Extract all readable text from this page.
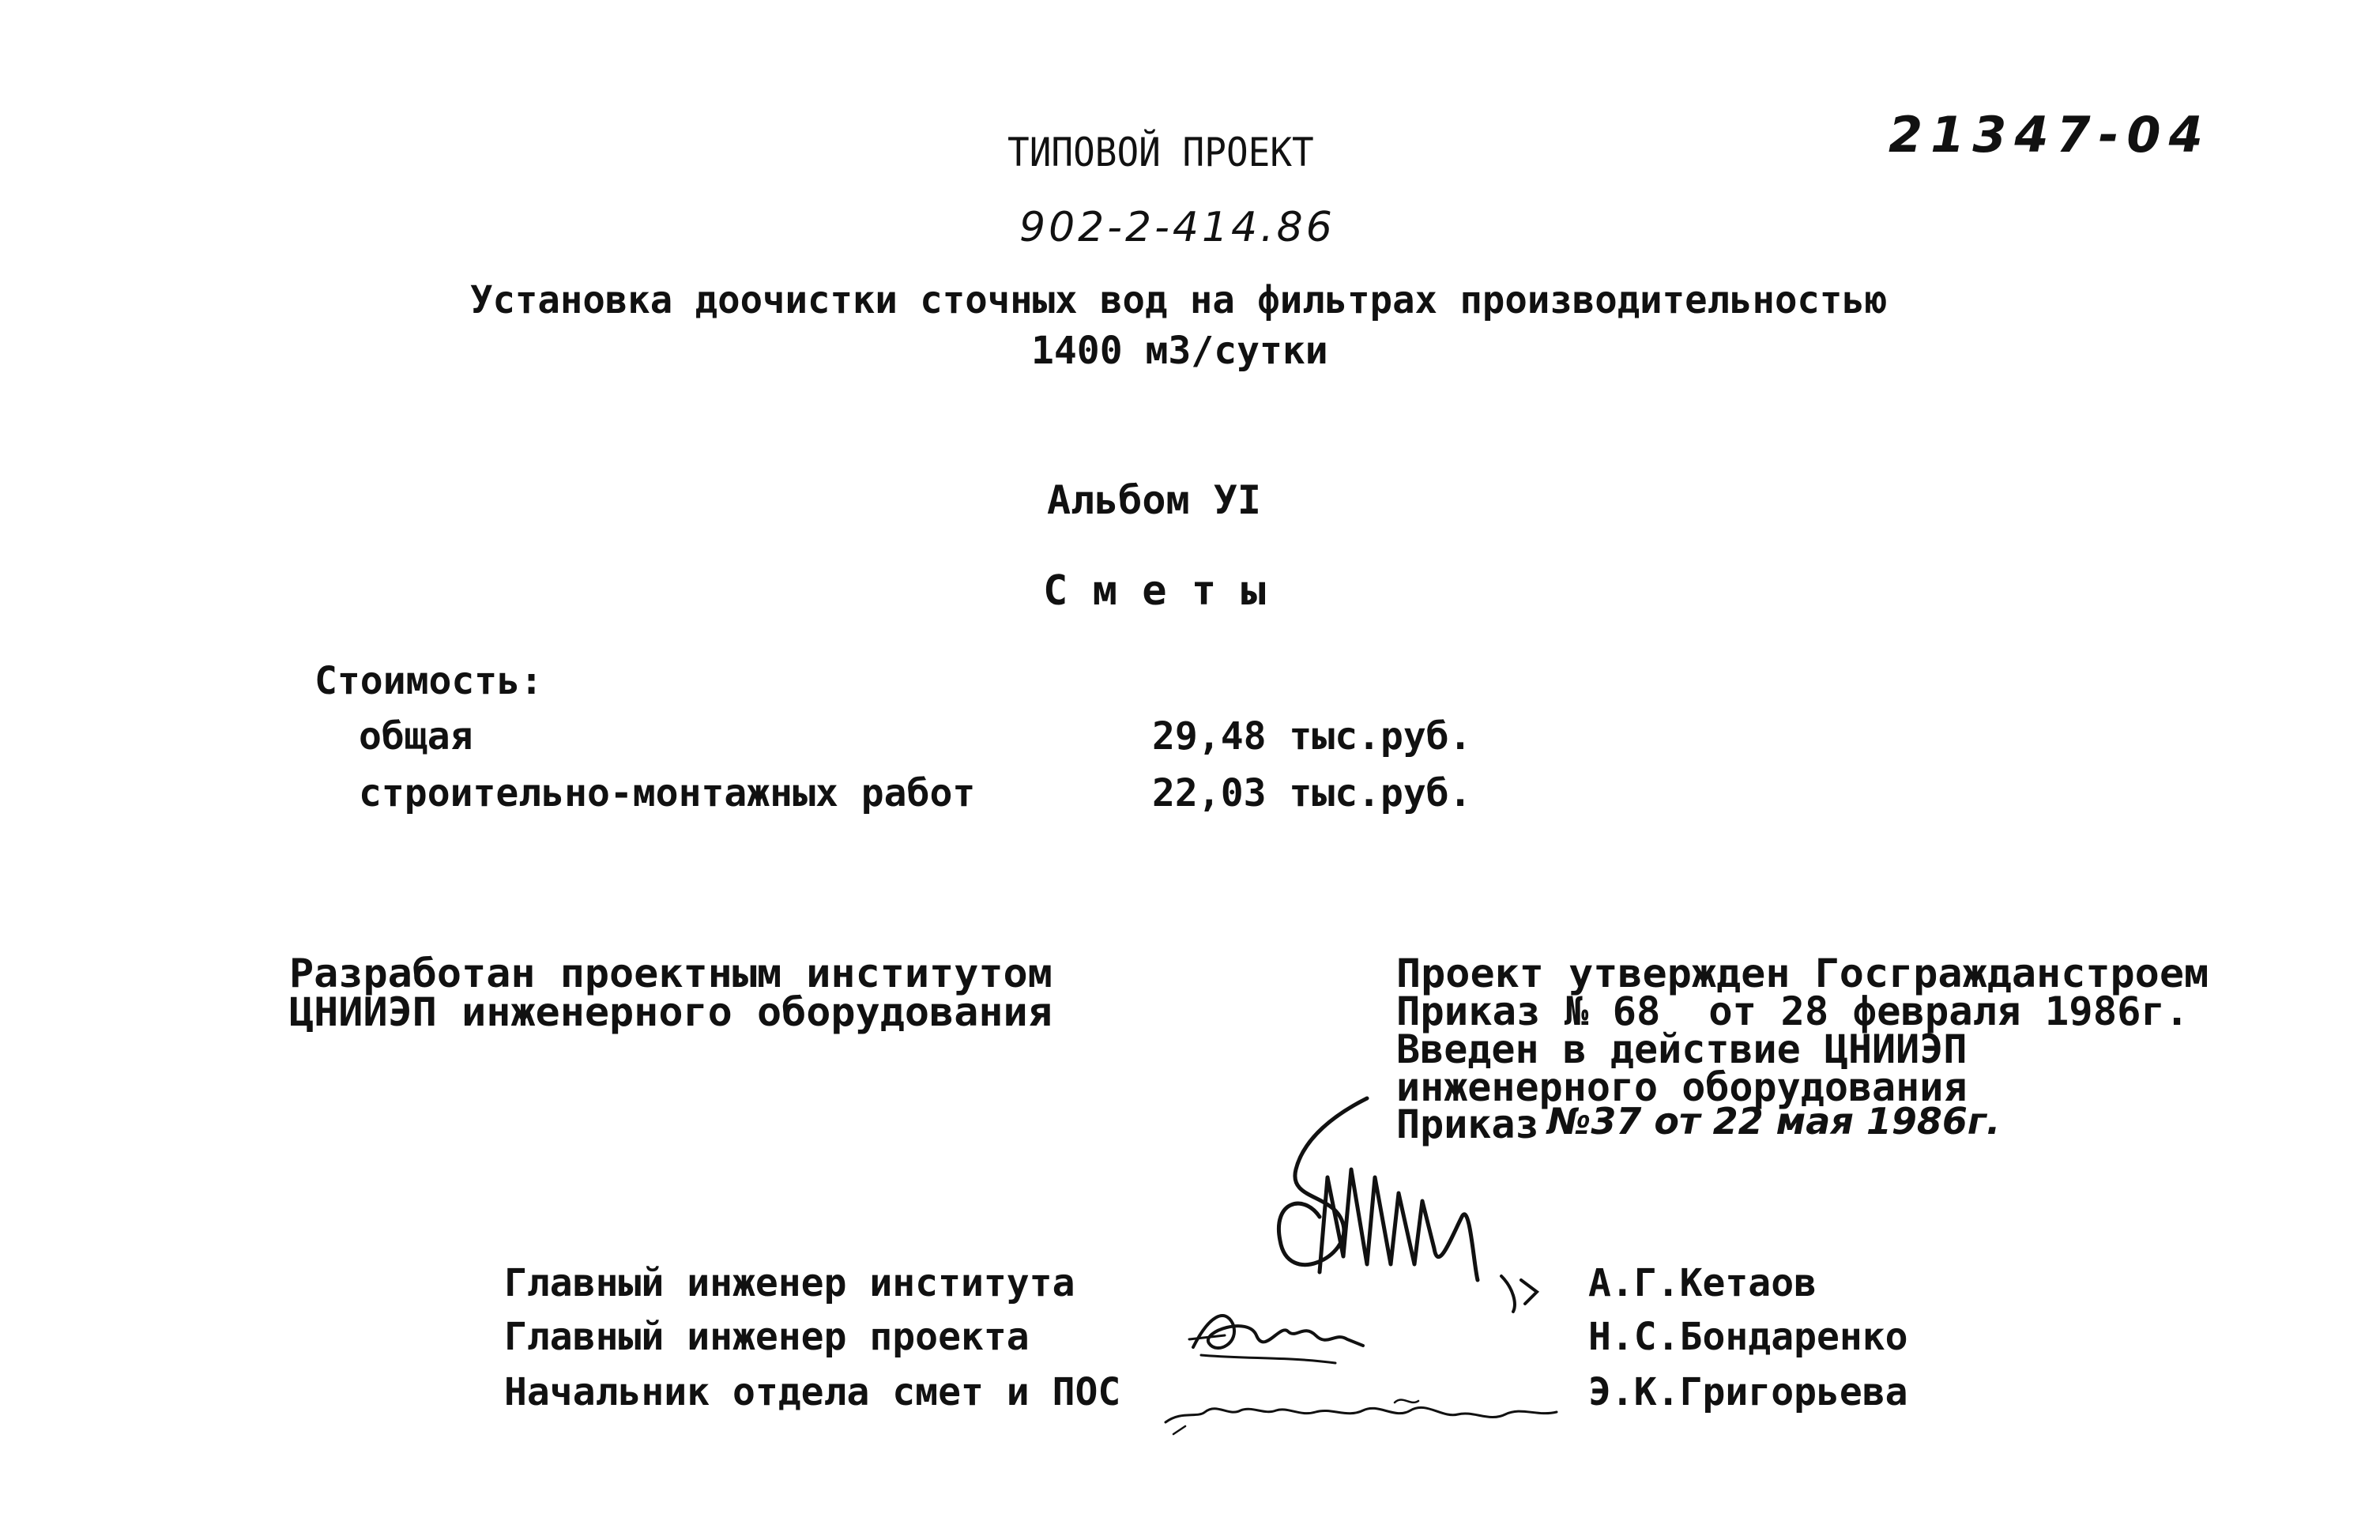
21347-04
ТИПОВОЙ ПРОЕКТ
902-2-414.86
Установка доочистки сточных вод на фильтрах производительностью
1400 м3/сутки
Альбом УI
С м е т ы
Стоимость:
общая	29,48 тыс.руб.
строительно-монтажных работ	22,03 тыс.руб.
Разработан проектным институтом
ЦНИИЭП инженерного оборудования
Проект утвержден Госгражданстроем
Приказ № 68  от 28 февраля 1986г.
Введен в действие ЦНИИЭП
инженерного оборудования
Приказ
№37 от 22 мая 1986г.
Главный инженер института	А.Г.Кетаов
Главный инженер проекта	Н.С.Бондаренко
Начальник отдела смет и ПОС	Э.К.Григорьева
